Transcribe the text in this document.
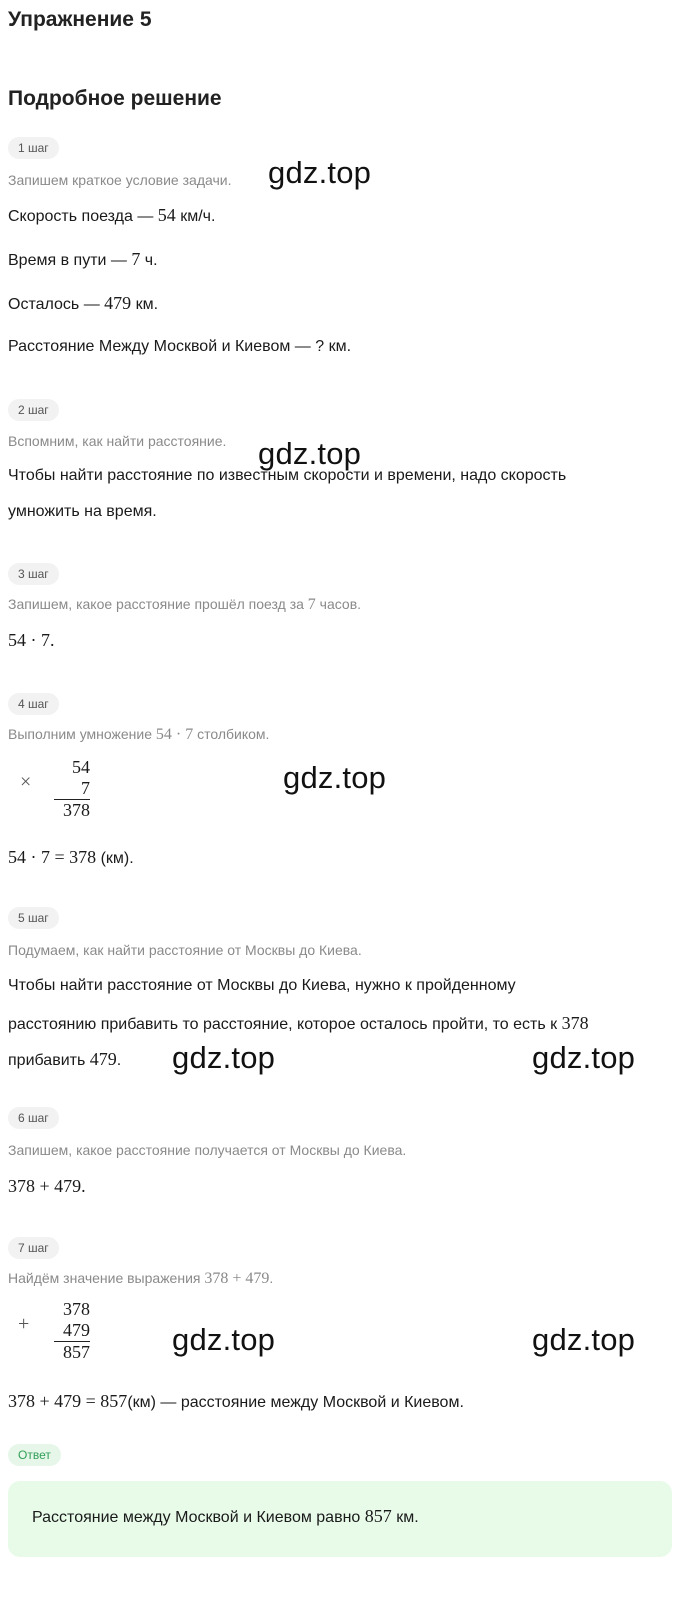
Упражнение 5
Подробное решение
1 шаг
Запишем краткое условие задачи. gdz.top
Скорость поезда — 54 км/ч.
Время в пути — 7 ч.
Осталось — 479 км.
Расстояние Между Москвой и Киевом — ? км.
2 шаг
Вспомним, как найти расстояние. gdz.top
Чтобы найти расстояние по известным скорости и времени, надо скорость
умножить на время.
3 шаг
Запишем, какое расстояние прошёл поезд за 7 часов.
54 · 7.
4 шаг
Выполним умножение 54 · 7 столбиком.
×
54
7
378
gdz.top
54 · 7 = 378 (км).
5 шаг
Подумаем, как найти расстояние от Москвы до Киева.
Чтобы найти расстояние от Москвы до Киева, нужно к пройденному
расстоянию прибавить то расстояние, которое осталось пройти, то есть к 378
прибавить 479. gdz.top	gdz.top
6 шаг
Запишем, какое расстояние получается от Москвы до Киева.
378 + 479.
7 шаг
Найдём значение выражения 378 + 479.
+
378
479
857	gdz.top	gdz.top
378 + 479 = 857(км) — расстояние между Москвой и Киевом.
Ответ
Расстояние между Москвой и Киевом равно 857 км.
